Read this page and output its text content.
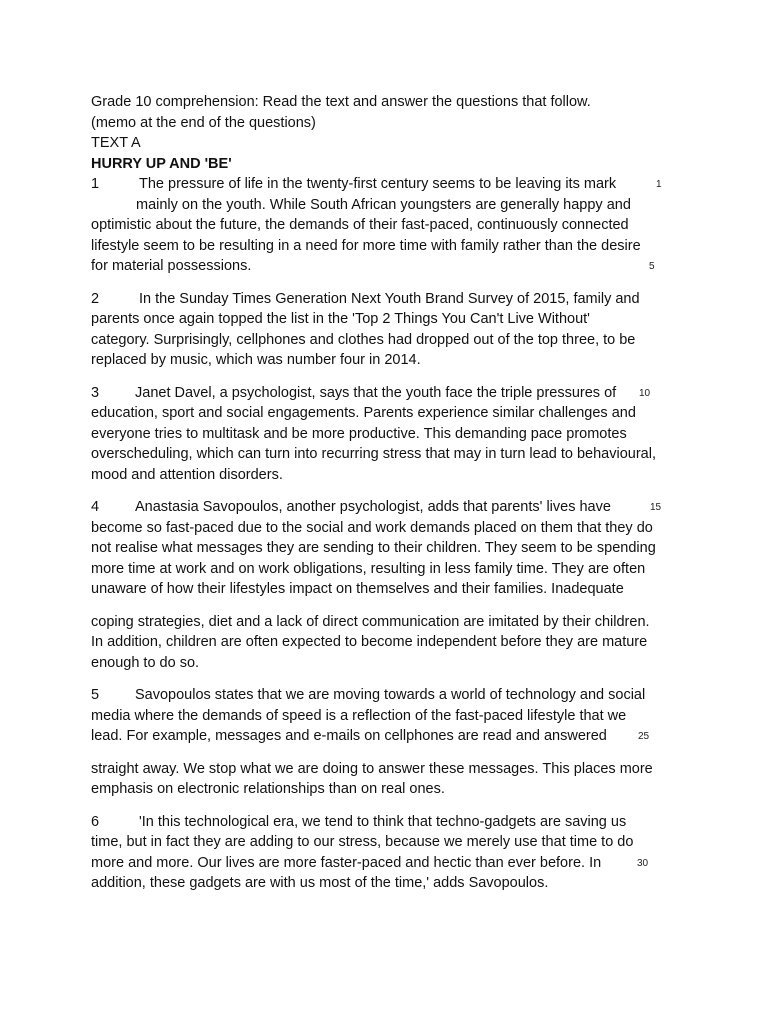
Grade 10 comprehension: Read the text and answer the questions that follow.
(memo at the end of the questions)
TEXT A
HURRY UP AND 'BE'
1	The pressure of life in the twenty-first century seems to be leaving its mark	1
mainly on the youth. While South African youngsters are generally happy and
optimistic about the future, the demands of their fast-paced, continuously connected
lifestyle seem to be resulting in a need for more time with family rather than the desire
for material possessions.	5
2	In the Sunday Times Generation Next Youth Brand Survey of 2015, family and
parents once again topped the list in the 'Top 2 Things You Can't Live Without'
category. Surprisingly, cellphones and clothes had dropped out of the top three, to be
replaced by music, which was number four in 2014.
3 Janet Davel, a psychologist, says that the youth face the triple pressures of 10
education, sport and social engagements. Parents experience similar challenges and
everyone tries to multitask and be more productive. This demanding pace promotes
overscheduling, which can turn into recurring stress that may in turn lead to behavioural,
mood and attention disorders.
4 Anastasia Savopoulos, another psychologist, adds that parents' lives have	15
become so fast-paced due to the social and work demands placed on them that they do
not realise what messages they are sending to their children. They seem to be spending
more time at work and on work obligations, resulting in less family time. They are often
unaware of how their lifestyles impact on themselves and their families. Inadequate
coping strategies, diet and a lack of direct communication are imitated by their children.
In addition, children are often expected to become independent before they are mature
enough to do so.
5 Savopoulos states that we are moving towards a world of technology and social
media where the demands of speed is a reflection of the fast-paced lifestyle that we
lead. For example, messages and e-mails on cellphones are read and answered	25
straight away. We stop what we are doing to answer these messages. This places more
emphasis on electronic relationships than on real ones.
6	'In this technological era, we tend to think that techno-gadgets are saving us
time, but in fact they are adding to our stress, because we merely use that time to do
more and more. Our lives are more faster-paced and hectic than ever before. In	30
addition, these gadgets are with us most of the time,' adds Savopoulos.
